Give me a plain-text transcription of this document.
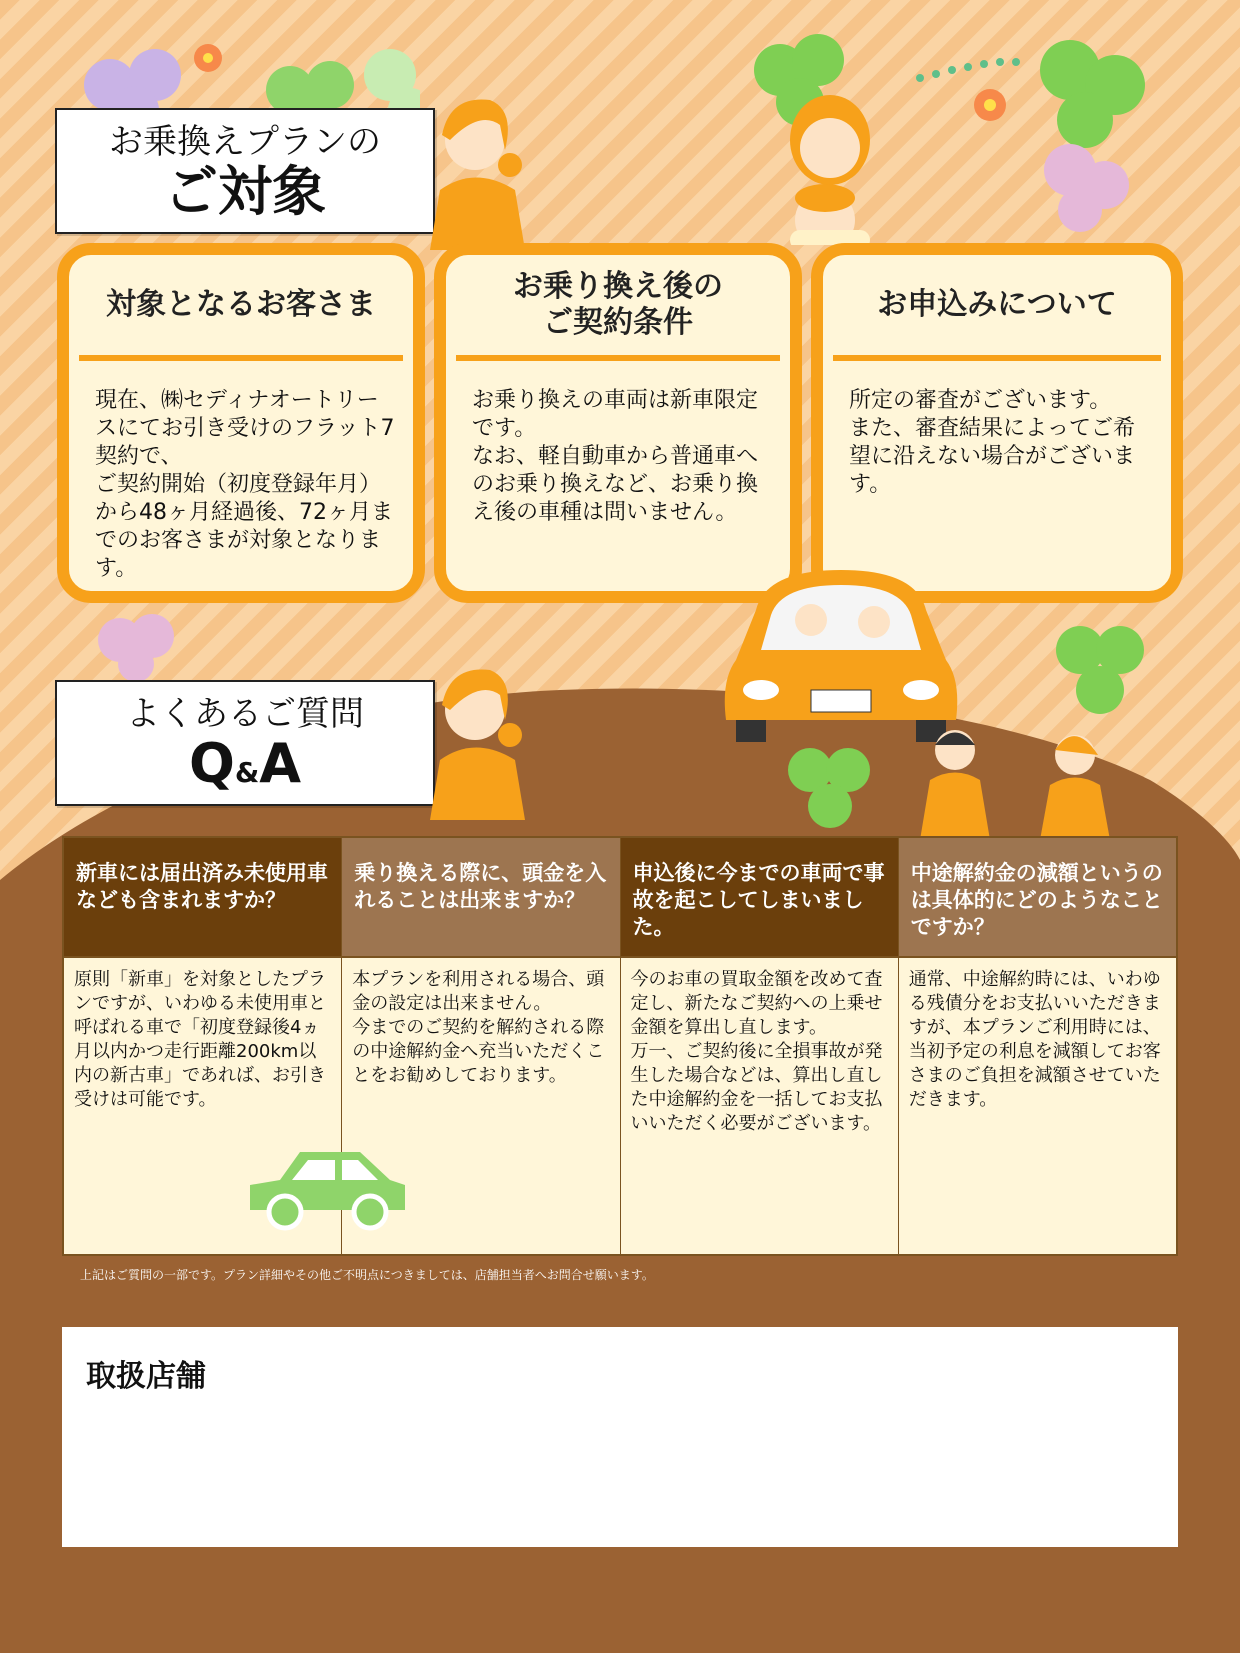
お乗換えプランの
ご対象
対象となるお客さま
現在、㈱セディナオートリースにてお引き受けのフラット7契約で、
ご契約開始（初度登録年月）から48ヶ月経過後、72ヶ月までのお客さまが対象となります。
お乗り換え後の
ご契約条件
お乗り換えの車両は新車限定です。
なお、軽自動車から普通車へのお乗り換えなど、お乗り換え後の車種は問いません。
お申込みについて
所定の審査がございます。
また、審査結果によってご希望に沿えない場合がございます。
よくあるご質問
Q&A
新車には届出済み未使用車なども含まれますか？
原則「新車」を対象としたプランですが、いわゆる未使用車と呼ばれる車で「初度登録後4ヵ月以内かつ走行距離200km以内の新古車」であれば、お引き受けは可能です。
乗り換える際に、頭金を入れることは出来ますか？
本プランを利用される場合、頭金の設定は出来ません。
今までのご契約を解約される際の中途解約金へ充当いただくことをお勧めしております。
申込後に今までの車両で事故を起こしてしまいました。
今のお車の買取金額を改めて査定し、新たなご契約への上乗せ金額を算出し直します。
万一、ご契約後に全損事故が発生した場合などは、算出し直した中途解約金を一括してお支払いいただく必要がございます。
中途解約金の減額というのは具体的にどのようなことですか？
通常、中途解約時には、いわゆる残債分をお支払いいただきますが、本プランご利用時には、当初予定の利息を減額してお客さまのご負担を減額させていただきます。
上記はご質問の一部です。プラン詳細やその他ご不明点につきましては、店舗担当者へお問合せ願います。
取扱店舗
